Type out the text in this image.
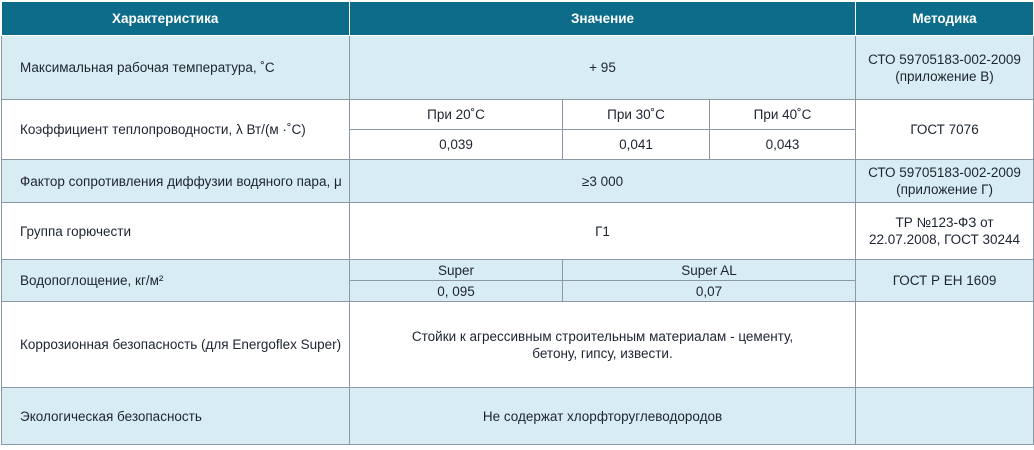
Характеристика	Значение			Методика
Максимальная рабочая температура, ˚С	+ 95			СТО 59705183-002-2009 (приложение В)
Коэффициент теплопроводности, λ Вт/(м ·˚С)	При 20˚С	При 30˚С	При 40˚С	ГОСТ 7076
	0,039	0,041	0,043	
Фактор сопротивления диффузии водяного пара, μ	≥3 000			СТО 59705183-002-2009 (приложение Г)
Группа горючести	Г1			ТР №123-ФЗ от 22.07.2008, ГОСТ 30244
Водопоглощение, кг/м²	Super	Super AL		ГОСТ Р ЕН 1609
	0, 095	0,07		
Коррозионная безопасность (для Energoflex Super)	Стойки к агрессивным строительным материалам - цементу, бетону, гипсу, извести.			
Экологическая безопасность	Не содержат хлорфторуглеводородов			
